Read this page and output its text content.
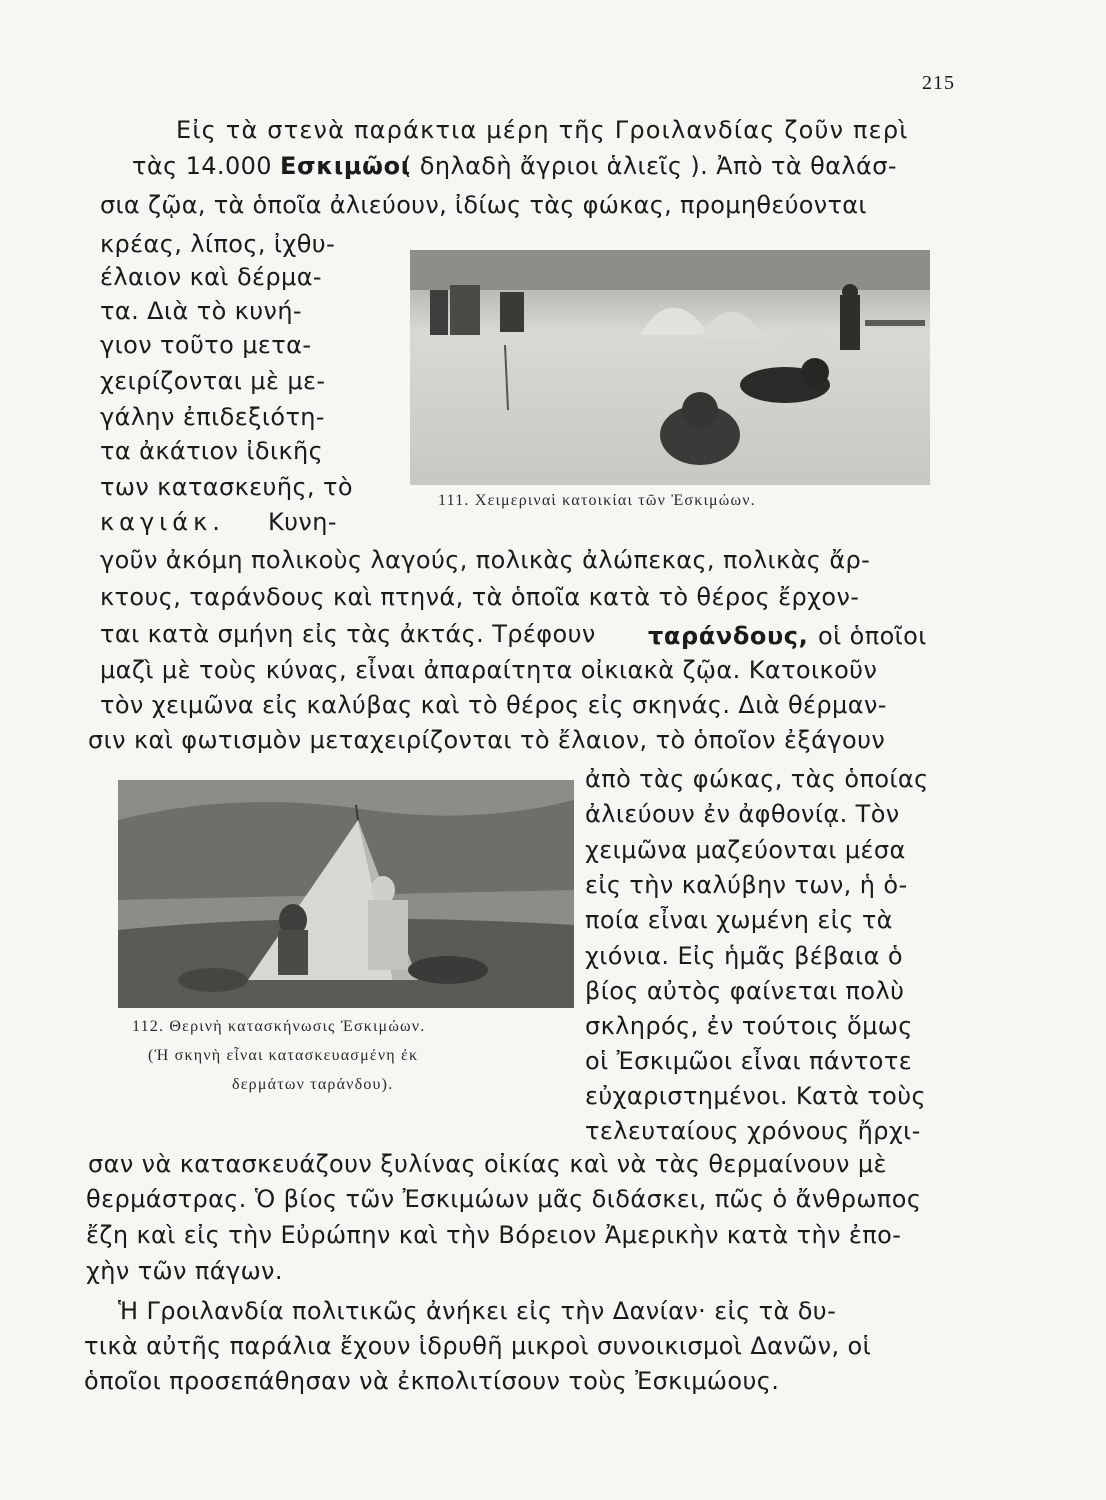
215
Εἰς τὰ στενὰ παράκτια μέρη τῆς Γροιλανδίας ζοῦν περὶ
τὰς 14.000 Εσκιμῶοι
( δηλαδὴ ἄγριοι ἁλιεῖς ). Ἀπὸ τὰ θαλάσ-
σια ζῷα, τὰ ὁποῖα ἀλιεύουν, ἰδίως τὰς φώκας, προμηθεύονται
κρέας, λίπος, ἰχθυ-
έλαιον καὶ δέρμα-
τα. Διὰ τὸ κυνή-
γιον τοῦτο μετα-
χειρίζονται μὲ με-
γάλην ἐπιδεξιότη-
τα ἀκάτιον ἰδικῆς
των κατασκευῆς, τὸ
καγιάκ. Κυνη-
γοῦν ἀκόμη πολικοὺς λαγούς, πολικὰς ἀλώπεκας, πολικὰς ἄρ-
κτους, ταράνδους καὶ πτηνά, τὰ ὁποῖα κατὰ τὸ θέρος ἔρχον-
ται κατὰ σμήνη εἰς τὰς ἀκτάς. Τρέφουν ταράνδους, οἱ ὁποῖοι
μαζὶ μὲ τοὺς κύνας, εἶναι ἀπαραίτητα οἰκιακὰ ζῷα. Κατοικοῦν
τὸν χειμῶνα εἰς καλύβας καὶ τὸ θέρος εἰς σκηνάς. Διὰ θέρμαν-
σιν καὶ φωτισμὸν μεταχειρίζονται τὸ ἔλαιον, τὸ ὁποῖον ἐξάγουν
ἀπὸ τὰς φώκας, τὰς ὁποίας
ἀλιεύουν ἐν ἀφθονίᾳ. Τὸν
χειμῶνα μαζεύονται μέσα
εἰς τὴν καλύβην των, ἡ ὁ-
ποία εἶναι χωμένη εἰς τὰ
χιόνια. Εἰς ἡμᾶς βέβαια ὁ
βίος αὐτὸς φαίνεται πολὺ
σκληρός, ἐν τούτοις ὅμως
οἱ Ἐσκιμῶοι εἶναι πάντοτε
εὐχαριστημένοι. Κατὰ τοὺς
τελευταίους χρόνους ἤρχι-
σαν νὰ κατασκευάζουν ξυλίνας οἰκίας καὶ νὰ τὰς θερμαίνουν μὲ
θερμάστρας. Ὁ βίος τῶν Ἐσκιμώων μᾶς διδάσκει, πῶς ὁ ἄνθρωπος
ἔζη καὶ εἰς τὴν Εὐρώπην καὶ τὴν Βόρειον Ἀμερικὴν κατὰ τὴν ἐπο-
χὴν τῶν πάγων.
Ἡ Γροιλανδία πολιτικῶς ἀνήκει εἰς τὴν Δανίαν· εἰς τὰ δυ-
τικὰ αὐτῆς παράλια ἔχουν ἱδρυθῆ μικροὶ συνοικισμοὶ Δανῶν, οἱ
ὁποῖοι προσεπάθησαν νὰ ἐκπολιτίσουν τοὺς Ἐσκιμώους.
111. Χειμεριναὶ κατοικίαι τῶν Ἐσκιμώων.
112. Θερινὴ κατασκήνωσις Ἐσκιμώων.
(Ἡ σκηνὴ εἶναι κατασκευασμένη ἐκ
δερμάτων ταράνδου).
